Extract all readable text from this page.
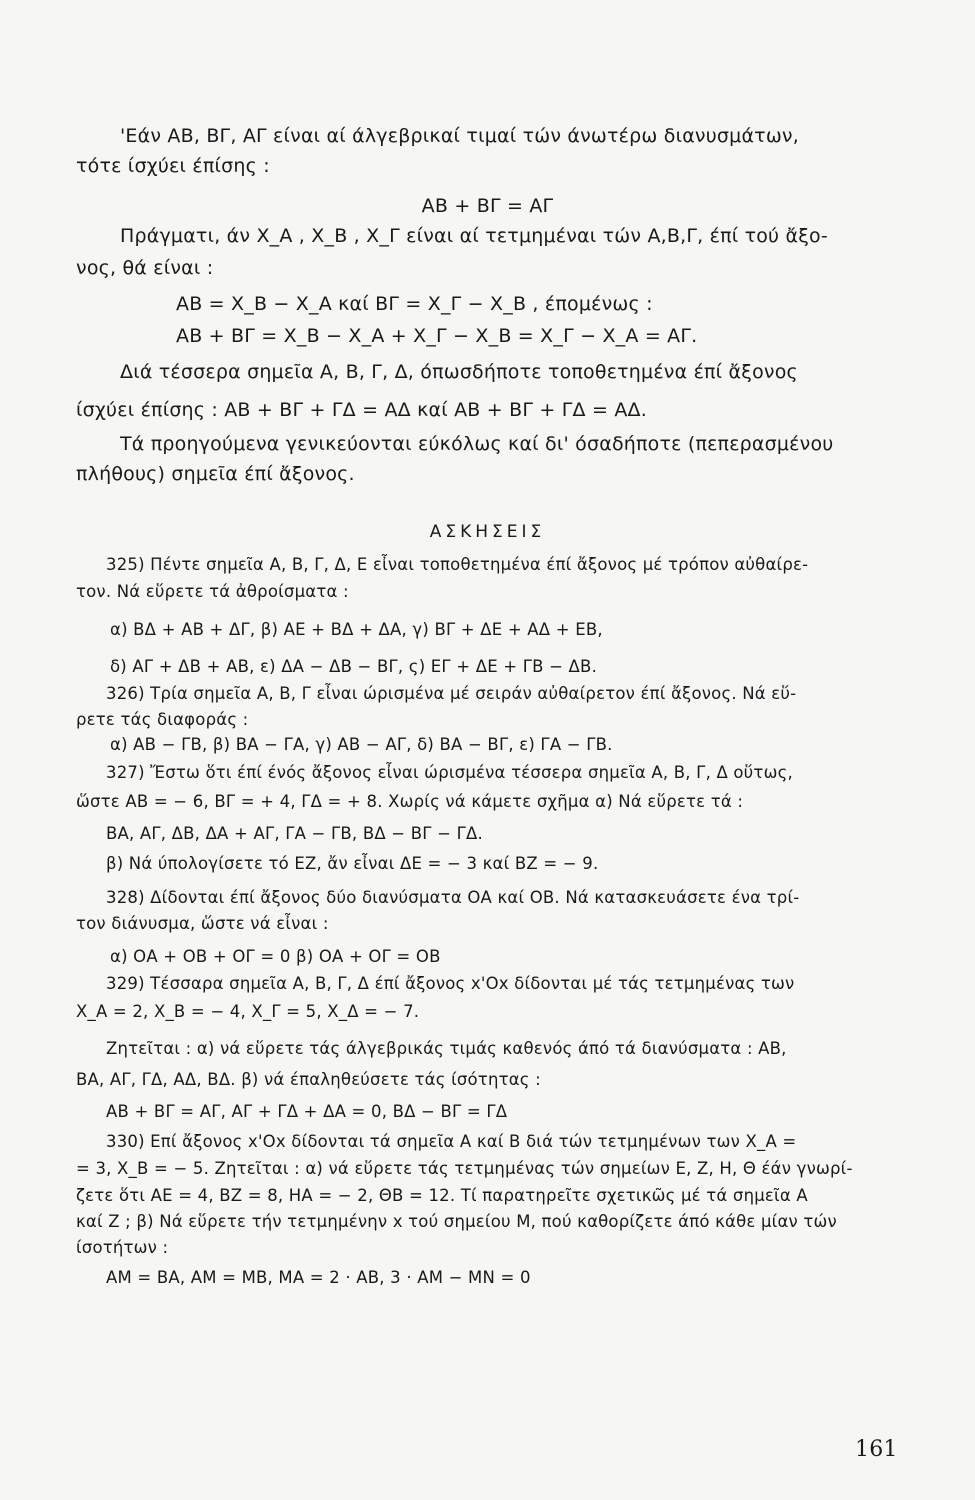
'Εάν ΑΒ, ΒΓ, ΑΓ είναι αί άλγεβρικαί τιμαί τών άνωτέρω διανυσμάτων,
τότε ίσχύει έπίσης :
ΑΒ + ΒΓ = ΑΓ
Πράγματι, άν X_A , X_B , X_Γ είναι αί τετμημέναι τών Α,Β,Γ, έπί τού ἄξο-
νος, θά είναι :
ΑΒ = X_B − X_A καί ΒΓ = X_Γ − X_B , έπομένως :
ΑΒ + ΒΓ = X_B − X_A + X_Γ − X_B = X_Γ − X_A = ΑΓ.
Διά τέσσερα σημεῖα Α, Β, Γ, Δ, όπωσδήποτε τοποθετημένα έπί ἄξονος
ίσχύει έπίσης : ΑΒ + ΒΓ + ΓΔ = ΑΔ καί ΑΒ + ΒΓ + ΓΔ = ΑΔ.
Τά προηγούμενα γενικεύονται εύκόλως καί δι' όσαδήποτε (πεπερασμένου
πλήθους) σημεῖα έπί ἄξονος.
ΑΣΚΗΣΕΙΣ
325) Πέντε σημεῖα Α, Β, Γ, Δ, Ε εἶναι τοποθετημένα έπί ἄξονος μέ τρόπον αὐθαίρε-
τον. Νά εὕρετε τά ἀθροίσματα :
α) ΒΔ + ΑΒ + ΔΓ, β) ΑΕ + ΒΔ + ΔΑ, γ) ΒΓ + ΔΕ + ΑΔ + ΕΒ,
δ) ΑΓ + ΔΒ + ΑΒ, ε) ΔΑ − ΔΒ − ΒΓ, ς) ΕΓ + ΔΕ + ΓΒ − ΔΒ.
326) Τρία σημεῖα Α, Β, Γ εἶναι ώρισμένα μέ σειράν αὐθαίρετον έπί ἄξονος. Νά εὕ-
ρετε τάς διαφοράς :
α) ΑΒ − ΓΒ, β) ΒΑ − ΓΑ, γ) ΑΒ − ΑΓ, δ) ΒΑ − ΒΓ, ε) ΓΑ − ΓΒ.
327) Ἔστω ὅτι έπί ένός ἄξονος εἶναι ώρισμένα τέσσερα σημεῖα Α, Β, Γ, Δ οὕτως,
ὥστε ΑΒ = − 6, ΒΓ = + 4, ΓΔ = + 8. Χωρίς νά κάμετε σχῆμα α) Νά εὕρετε τά :
ΒΑ, ΑΓ, ΔΒ, ΔΑ + ΑΓ, ΓΑ − ΓΒ, ΒΔ − ΒΓ − ΓΔ.
β) Νά ύπολογίσετε τό ΕΖ, ἄν εἶναι ΔΕ = − 3 καί ΒΖ = − 9.
328) Δίδονται έπί ἄξονος δύο διανύσματα ΟΑ καί ΟΒ. Νά κατασκευάσετε ένα τρί-
τον διάνυσμα, ὥστε νά εἶναι :
α) ΟΑ + ΟΒ + ΟΓ = 0 β) ΟΑ + ΟΓ = ΟΒ
329) Τέσσαρα σημεῖα Α, Β, Γ, Δ έπί ἄξονος x'Οx δίδονται μέ τάς τετμημένας των
X_A = 2, X_B = − 4, X_Γ = 5, X_Δ = − 7.
Ζητεῖται : α) νά εὕρετε τάς άλγεβρικάς τιμάς καθενός άπό τά διανύσματα : ΑΒ,
ΒΑ, ΑΓ, ΓΔ, ΑΔ, ΒΔ. β) νά έπαληθεύσετε τάς ίσότητας :
ΑΒ + ΒΓ = ΑΓ, ΑΓ + ΓΔ + ΔΑ = 0, ΒΔ − ΒΓ = ΓΔ
330) Επί ἄξονος x'Οx δίδονται τά σημεῖα Α καί Β διά τών τετμημένων των X_A =
= 3, X_B = − 5. Ζητεῖται : α) νά εὕρετε τάς τετμημένας τών σημείων Ε, Ζ, Η, Θ έάν γνωρί-
ζετε ὅτι ΑΕ = 4, ΒΖ = 8, ΗΑ = − 2, ΘΒ = 12. Τί παρατηρεῖτε σχετικῶς μέ τά σημεῖα Α
καί Ζ ; β) Νά εὕρετε τήν τετμημένην x τού σημείου Μ, πού καθορίζετε άπό κάθε μίαν τών
ίσοτήτων :
ΑΜ = ΒΑ, ΑΜ = ΜΒ, ΜΑ = 2 · ΑΒ, 3 · ΑΜ − ΜΝ = 0
161
